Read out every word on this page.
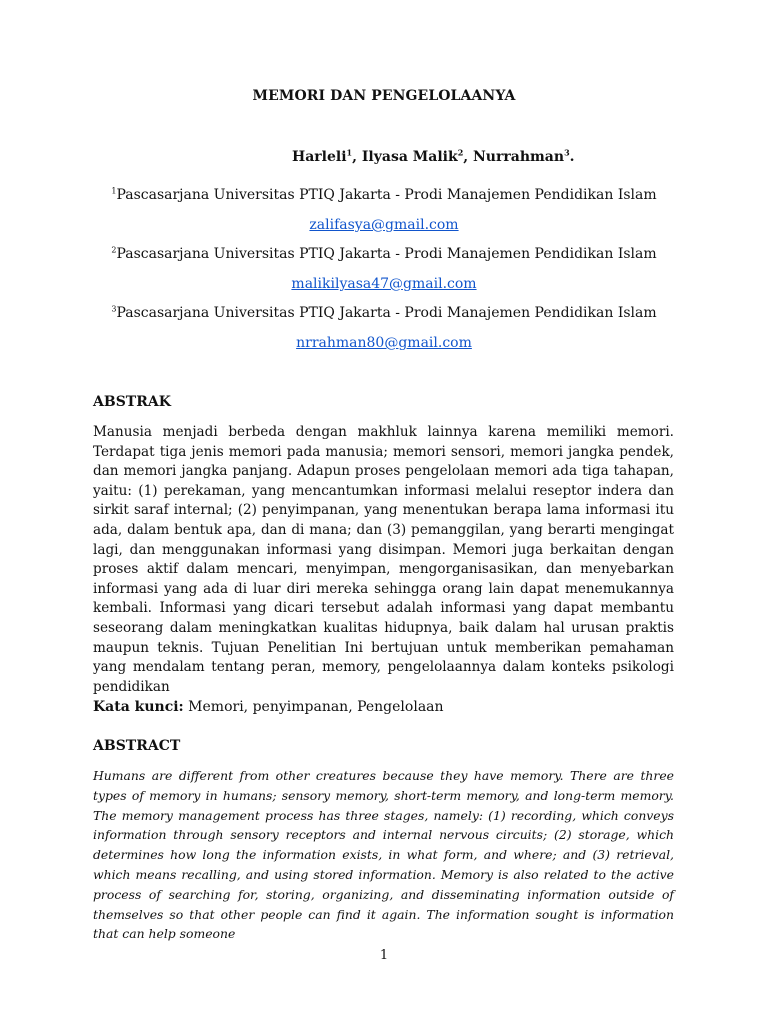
MEMORI DAN PENGELOLAANYA
Harleli$^1$, Ilyasa Malik$^2$, Nurrahman$^3$.
$^1$Pascasarjana Universitas PTIQ Jakarta - Prodi Manajemen Pendidikan Islam
zalifasya@gmail.com
$^2$Pascasarjana Universitas PTIQ Jakarta - Prodi Manajemen Pendidikan Islam
malikilyasa47@gmail.com
$^3$Pascasarjana Universitas PTIQ Jakarta - Prodi Manajemen Pendidikan Islam
nrrahman80@gmail.com
ABSTRAK
Manusia menjadi berbeda dengan makhluk lainnya karena memiliki memori. Terdapat tiga jenis memori pada manusia; memori sensori, memori jangka pendek, dan memori jangka panjang. Adapun proses pengelolaan memori ada tiga tahapan, yaitu: (1) perekaman, yang mencantumkan informasi melalui reseptor indera dan sirkit saraf internal; (2) penyimpanan, yang menentukan berapa lama informasi itu ada, dalam bentuk apa, dan di mana; dan (3) pemanggilan, yang berarti mengingat lagi, dan menggunakan informasi yang disimpan. Memori juga berkaitan dengan proses aktif dalam mencari, menyimpan, mengorganisasikan, dan menyebarkan informasi yang ada di luar diri mereka sehingga orang lain dapat menemukannya kembali. Informasi yang dicari tersebut adalah informasi yang dapat membantu seseorang dalam meningkatkan kualitas hidupnya, baik dalam hal urusan praktis maupun teknis. Tujuan Penelitian Ini bertujuan untuk memberikan pemahaman yang mendalam tentang peran, memory, pengelolaannya dalam konteks psikologi pendidikan
Kata kunci: Memori, penyimpanan, Pengelolaan
ABSTRACT
Humans are different from other creatures because they have memory. There are three types of memory in humans; sensory memory, short-term memory, and long-term memory. The memory management process has three stages, namely: (1) recording, which conveys information through sensory receptors and internal nervous circuits; (2) storage, which determines how long the information exists, in what form, and where; and (3) retrieval, which means recalling, and using stored information. Memory is also related to the active process of searching for, storing, organizing, and disseminating information outside of themselves so that other people can find it again. The information sought is information that can help someone
1
